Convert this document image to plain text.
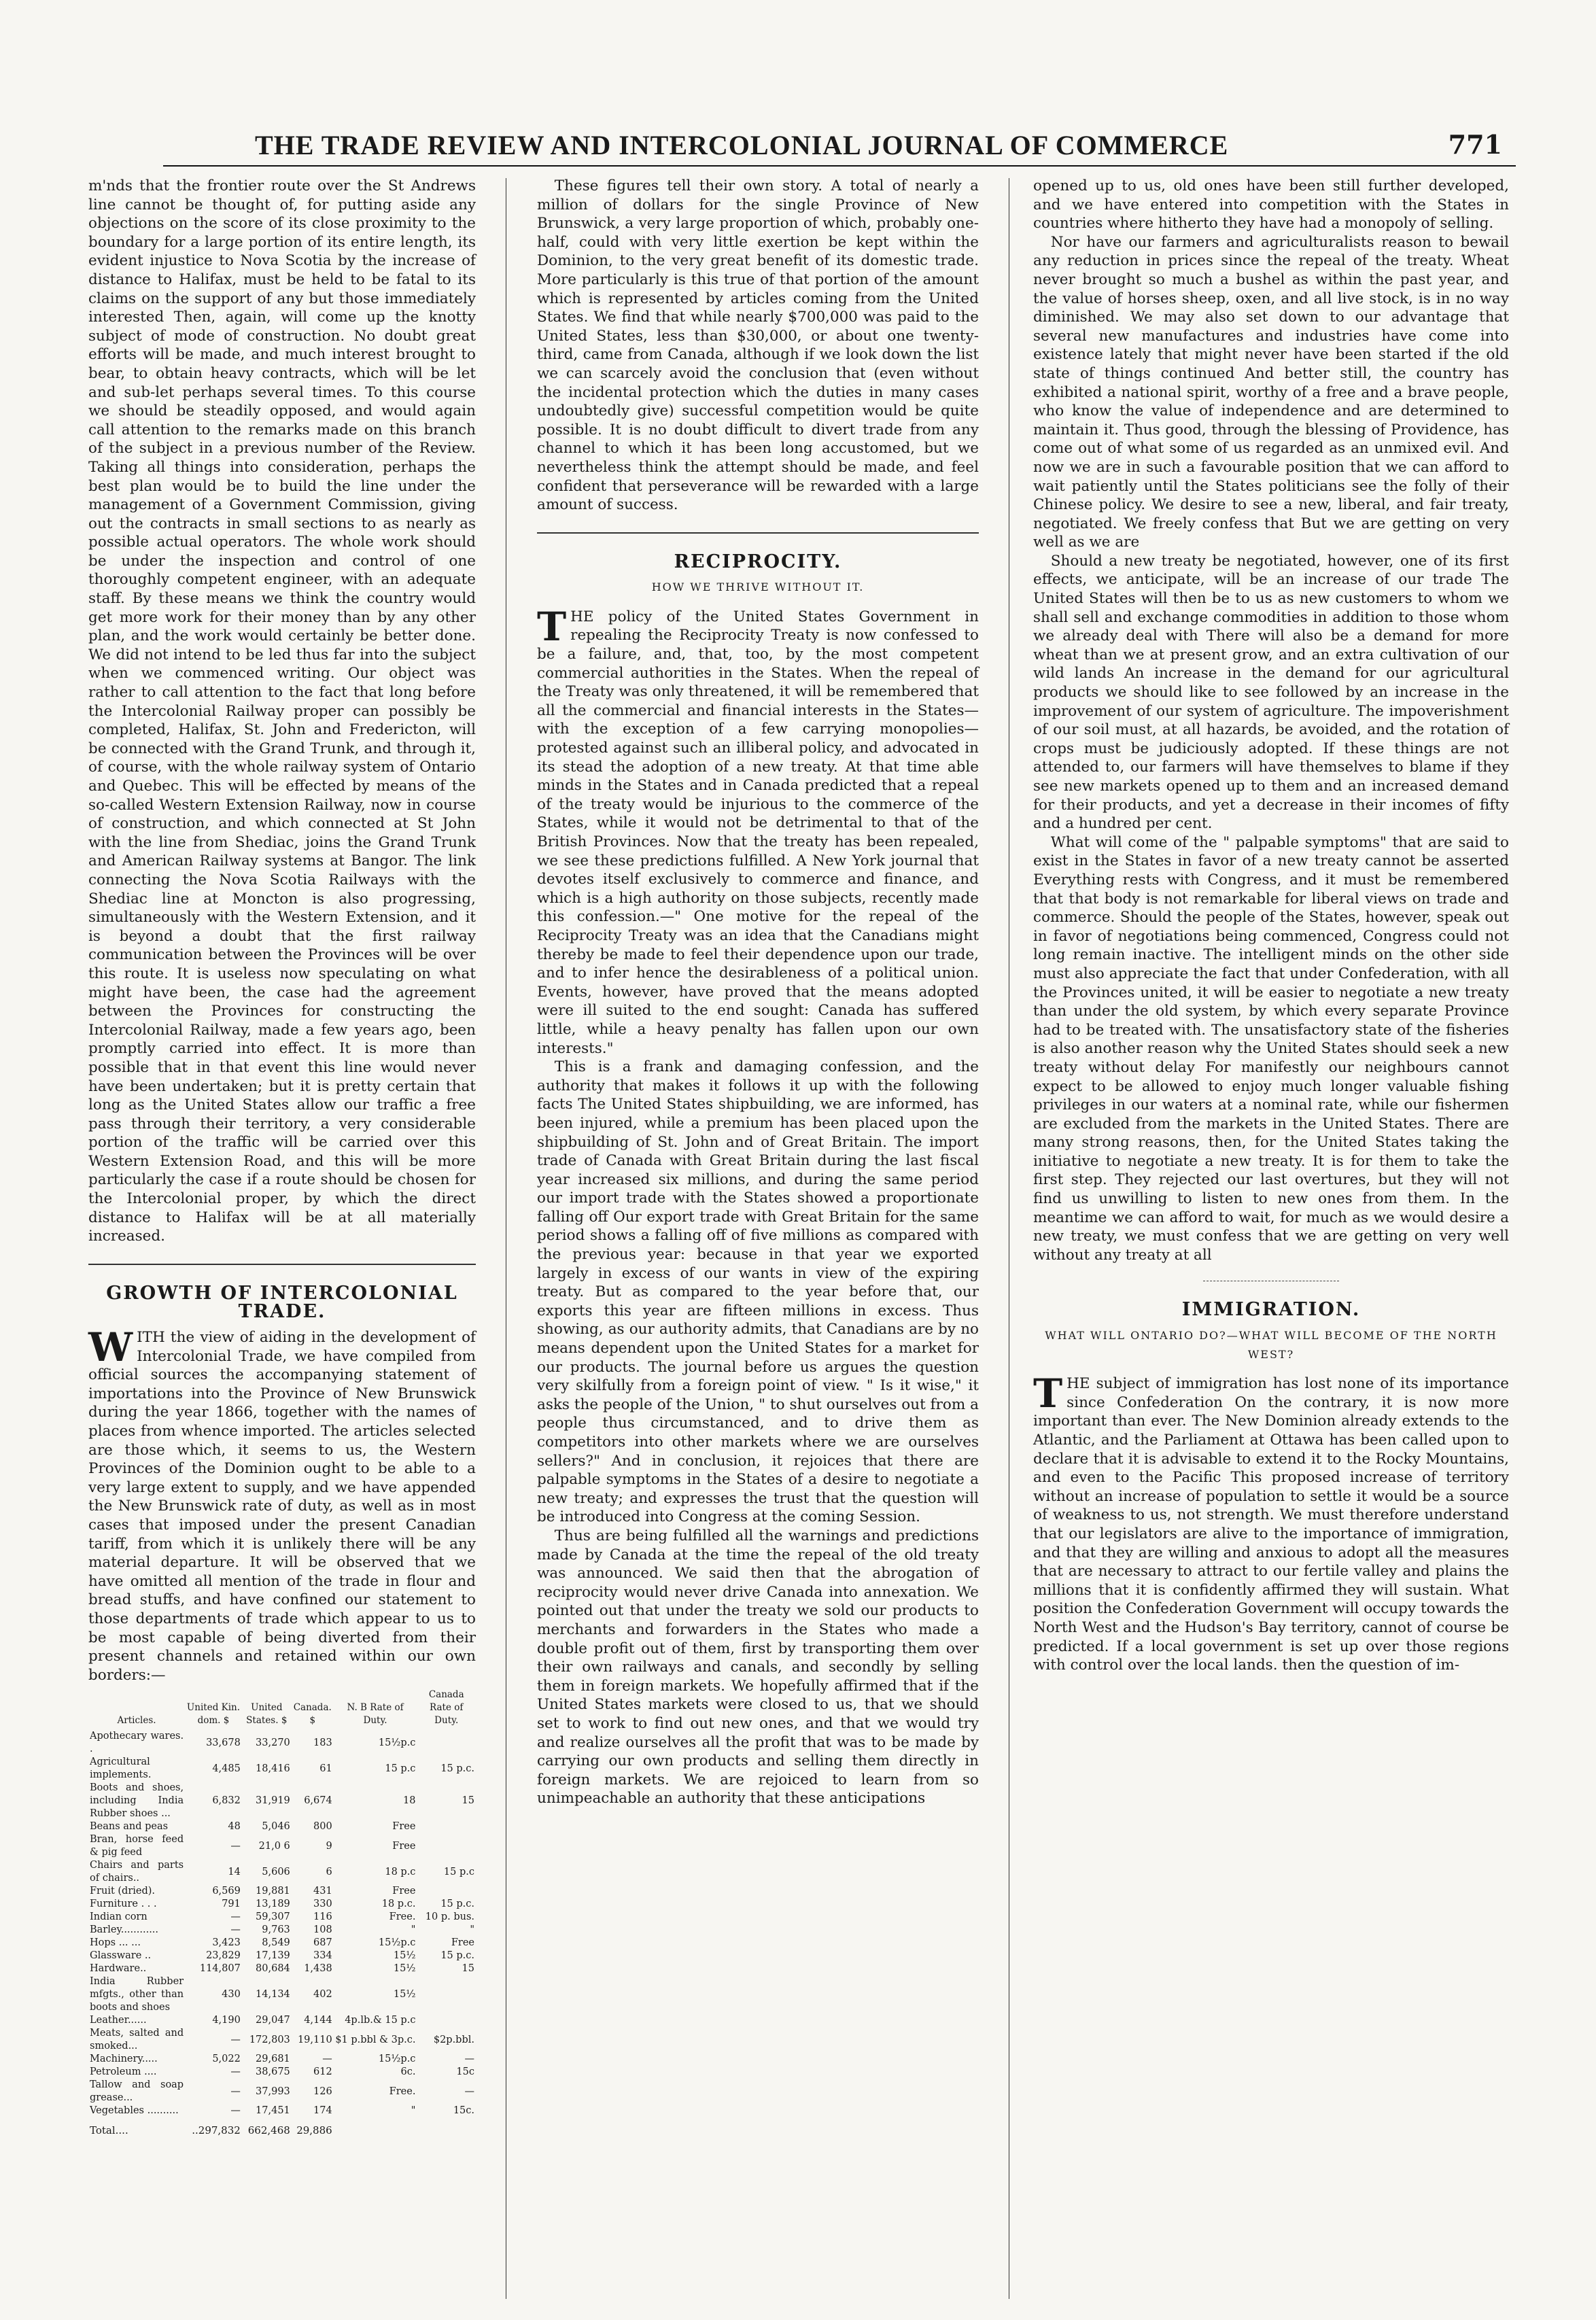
THE TRADE REVIEW AND INTERCOLONIAL JOURNAL OF COMMERCE	771

m'nds that the frontier route over the St Andrews line cannot be thought of, for putting aside any objections on the score of its close proximity to the boundary for a large portion of its entire length, its evident injustice to Nova Scotia by the increase of distance to Halifax, must be held to be fatal to its claims on the support of any but those immediately interested Then, again, will come up the knotty subject of mode of construction. No doubt great efforts will be made, and much interest brought to bear, to obtain heavy contracts, which will be let and sub-let perhaps several times. To this course we should be steadily opposed, and would again call attention to the remarks made on this branch of the subject in a previous number of the Review. Taking all things into consideration, perhaps the best plan would be to build the line under the management of a Government Commission, giving out the contracts in small sections to as nearly as possible actual operators. The whole work should be under the inspection and control of one thoroughly competent engineer, with an adequate staff. By these means we think the country would get more work for their money than by any other plan, and the work would certainly be better done. We did not intend to be led thus far into the subject when we commenced writing. Our object was rather to call attention to the fact that long before the Intercolonial Railway proper can possibly be completed, Halifax, St. John and Fredericton, will be connected with the Grand Trunk, and through it, of course, with the whole railway system of Ontario and Quebec. This will be effected by means of the so-called Western Extension Railway, now in course of construction, and which connected at St John with the line from Shediac, joins the Grand Trunk and American Railway systems at Bangor. The link connecting the Nova Scotia Railways with the Shediac line at Moncton is also progressing, simultaneously with the Western Extension, and it is beyond a doubt that the first railway communication between the Provinces will be over this route. It is useless now speculating on what might have been, the case had the agreement between the Provinces for constructing the Intercolonial Railway, made a few years ago, been promptly carried into effect. It is more than possible that in that event this line would never have been undertaken; but it is pretty certain that long as the United States allow our traffic a free pass through their territory, a very considerable portion of the traffic will be carried over this Western Extension Road, and this will be more particularly the case if a route should be chosen for the Intercolonial proper, by which the direct distance to Halifax will be at all materially increased.

GROWTH OF INTERCOLONIAL TRADE.

WITH the view of aiding in the development of Intercolonial Trade, we have compiled from official sources the accompanying statement of importations into the Province of New Brunswick during the year 1866, together with the names of places from whence imported. The articles selected are those which, it seems to us, the Western Provinces of the Dominion ought to be able to a very large extent to supply, and we have appended the New Brunswick rate of duty, as well as in most cases that imposed under the present Canadian tariff, from which it is unlikely there will be any material departure. It will be observed that we have omitted all mention of the trade in flour and bread stuffs, and have confined our statement to those departments of trade which appear to us to be most capable of being diverted from their present channels and retained within our own borders:—

Articles.	United Kin. dom. $	United States. $	Canada. $	N. B Rate of Duty.	Canada Rate of Duty.
Apothecary wares. .	33,678	33,270	183	15½p.c	
Agricultural implements.	4,485	18,416	61	15 p.c	15 p.c.
Boots and shoes, including India Rubber shoes ...	6,832	31,919	6,674	18	15
Beans and peas	48	5,046	800	Free	
Bran, horse feed & pig feed	—	21,0 6	9	Free	
Chairs and parts of chairs..	14	5,606	6	18 p.c	15 p.c
Fruit (dried).	6,569	19,881	431	Free	
Furniture . . .	791	13,189	330	18 p.c.	15 p.c.
Indian corn	—	59,307	116	Free.	10 p. bus.
Barley............	—	9,763	108	"	"
Hops ... ...	3,423	8,549	687	15½p.c	Free
Glassware ..	23,829	17,139	334	15½	15 p.c.
Hardware..	114,807	80,684	1,438	15½	15
India Rubber mfgts., other than boots and shoes	430	14,134	402	15½	
Leather......	4,190	29,047	4,144	4p.lb.& 15 p.c	
Meats, salted and smoked...	—	172,803	19,110	$1 p.bbl & 3p.c.	$2p.bbl.
Machinery.....	5,022	29,681	—	15½p.c	—
Petroleum ....	—	38,675	612	6c.	15c
Tallow and soap grease...	—	37,993	126	Free.	—
Vegetables ..........	—	17,451	174	"	15c.
Total....	..297,832	662,468	29,886		

These figures tell their own story. A total of nearly a million of dollars for the single Province of New Brunswick, a very large proportion of which, probably one-half, could with very little exertion be kept within the Dominion, to the very great benefit of its domestic trade. More particularly is this true of that portion of the amount which is represented by articles coming from the United States. We find that while nearly $700,000 was paid to the United States, less than $30,000, or about one twenty-third, came from Canada, although if we look down the list we can scarcely avoid the conclusion that (even without the incidental protection which the duties in many cases undoubtedly give) successful competition would be quite possible. It is no doubt difficult to divert trade from any channel to which it has been long accustomed, but we nevertheless think the attempt should be made, and feel confident that perseverance will be rewarded with a large amount of success.

RECIPROCITY.
HOW WE THRIVE WITHOUT IT.

THE policy of the United States Government in repealing the Reciprocity Treaty is now confessed to be a failure, and, that, too, by the most competent commercial authorities in the States. When the repeal of the Treaty was only threatened, it will be remembered that all the commercial and financial interests in the States—with the exception of a few carrying monopolies—protested against such an illiberal policy, and advocated in its stead the adoption of a new treaty. At that time able minds in the States and in Canada predicted that a repeal of the treaty would be injurious to the commerce of the States, while it would not be detrimental to that of the British Provinces. Now that the treaty has been repealed, we see these predictions fulfilled. A New York journal that devotes itself exclusively to commerce and finance, and which is a high authority on those subjects, recently made this confession.—" One motive for the repeal of the Reciprocity Treaty was an idea that the Canadians might thereby be made to feel their dependence upon our trade, and to infer hence the desirableness of a political union. Events, however, have proved that the means adopted were ill suited to the end sought: Canada has suffered little, while a heavy penalty has fallen upon our own interests."

This is a frank and damaging confession, and the authority that makes it follows it up with the following facts The United States shipbuilding, we are informed, has been injured, while a premium has been placed upon the shipbuilding of St. John and of Great Britain. The import trade of Canada with Great Britain during the last fiscal year increased six millions, and during the same period our import trade with the States showed a proportionate falling off Our export trade with Great Britain for the same period shows a falling off of five millions as compared with the previous year: because in that year we exported largely in excess of our wants in view of the expiring treaty. But as compared to the year before that, our exports this year are fifteen millions in excess. Thus showing, as our authority admits, that Canadians are by no means dependent upon the United States for a market for our products. The journal before us argues the question very skilfully from a foreign point of view. " Is it wise," it asks the people of the Union, " to shut ourselves out from a people thus circumstanced, and to drive them as competitors into other markets where we are ourselves sellers?" And in conclusion, it rejoices that there are palpable symptoms in the States of a desire to negotiate a new treaty; and expresses the trust that the question will be introduced into Congress at the coming Session.

Thus are being fulfilled all the warnings and predictions made by Canada at the time the repeal of the old treaty was announced. We said then that the abrogation of reciprocity would never drive Canada into annexation. We pointed out that under the treaty we sold our products to merchants and forwarders in the States who made a double profit out of them, first by transporting them over their own railways and canals, and secondly by selling them in foreign markets. We hopefully affirmed that if the United States markets were closed to us, that we should set to work to find out new ones, and that we would try and realize ourselves all the profit that was to be made by carrying our own products and selling them directly in foreign markets. We are rejoiced to learn from so unimpeachable an authority that these anticipations

opened up to us, old ones have been still further developed, and we have entered into competition with the States in countries where hitherto they have had a monopoly of selling.

Nor have our farmers and agriculturalists reason to bewail any reduction in prices since the repeal of the treaty. Wheat never brought so much a bushel as within the past year, and the value of horses sheep, oxen, and all live stock, is in no way diminished. We may also set down to our advantage that several new manufactures and industries have come into existence lately that might never have been started if the old state of things continued And better still, the country has exhibited a national spirit, worthy of a free and a brave people, who know the value of independence and are determined to maintain it. Thus good, through the blessing of Providence, has come out of what some of us regarded as an unmixed evil. And now we are in such a favourable position that we can afford to wait patiently until the States politicians see the folly of their Chinese policy. We desire to see a new, liberal, and fair treaty, negotiated. We freely confess that But we are getting on very well as we are

Should a new treaty be negotiated, however, one of its first effects, we anticipate, will be an increase of our trade The United States will then be to us as new customers to whom we shall sell and exchange commodities in addition to those whom we already deal with There will also be a demand for more wheat than we at present grow, and an extra cultivation of our wild lands An increase in the demand for our agricultural products we should like to see followed by an increase in the improvement of our system of agriculture. The impoverishment of our soil must, at all hazards, be avoided, and the rotation of crops must be judiciously adopted. If these things are not attended to, our farmers will have themselves to blame if they see new markets opened up to them and an increased demand for their products, and yet a decrease in their incomes of fifty and a hundred per cent.

What will come of the " palpable symptoms" that are said to exist in the States in favor of a new treaty cannot be asserted Everything rests with Congress, and it must be remembered that that body is not remarkable for liberal views on trade and commerce. Should the people of the States, however, speak out in favor of negotiations being commenced, Congress could not long remain inactive. The intelligent minds on the other side must also appreciate the fact that under Confederation, with all the Provinces united, it will be easier to negotiate a new treaty than under the old system, by which every separate Province had to be treated with. The unsatisfactory state of the fisheries is also another reason why the United States should seek a new treaty without delay For manifestly our neighbours cannot expect to be allowed to enjoy much longer valuable fishing privileges in our waters at a nominal rate, while our fishermen are excluded from the markets in the United States. There are many strong reasons, then, for the United States taking the initiative to negotiate a new treaty. It is for them to take the first step. They rejected our last overtures, but they will not find us unwilling to listen to new ones from them. In the meantime we can afford to wait, for much as we would desire a new treaty, we must confess that we are getting on very well without any treaty at all

IMMIGRATION.
WHAT WILL ONTARIO DO?—WHAT WILL BECOME OF THE NORTH WEST?

THE subject of immigration has lost none of its importance since Confederation On the contrary, it is now more important than ever. The New Dominion already extends to the Atlantic, and the Parliament at Ottawa has been called upon to declare that it is advisable to extend it to the Rocky Mountains, and even to the Pacific This proposed increase of territory without an increase of population to settle it would be a source of weakness to us, not strength. We must therefore understand that our legislators are alive to the importance of immigration, and that they are willing and anxious to adopt all the measures that are necessary to attract to our fertile valley and plains the millions that it is confidently affirmed they will sustain. What position the Confederation Government will occupy towards the North West and the Hudson's Bay territory, cannot of course be predicted. If a local government is set up over those regions with control over the local lands. then the question of im-
